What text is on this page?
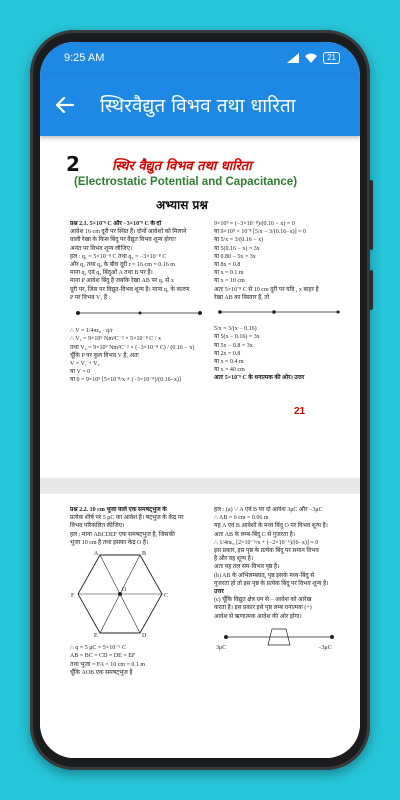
9:25 AM	21
स्थिरवैद्युत विभव तथा धारिता
2 स्थिर वैद्युत विभव तथा धारिता
(Electrostatic Potential and Capacitance)
अभ्यास प्रश्न
प्रश्न 2.1. 5×10⁻⁸ C और −3×10⁻⁸ C के दो
आवेश 16 cm दूरी पर स्थित हैं। दोनों आवेशों को मिलाने
वाली रेखा के किस बिंदु पर वैद्युत विभव शून्य होगा?
अनंत पर विभव शून्य लीजिए।
हल : q₁ = 5×10⁻⁸ C तथा q₂ = −3×10⁻⁸ C
और q₁ तथा q₂ के बीच दूरी r = 16 cm = 0.16 m
माना q₁ एवं q₂ बिंदुओं A तथा B पर हैं।
माना P आवेश बिंदु है जबकि रेखा AB पर q₁ से x
दूरी पर, जिस पर विद्युत-विभव शून्य है। माना q₁ के कारण
P पर विभव V₁ हैं :
∴ V = 1/4πε₀ · q/r
∴ V₁ = 9×10⁹ Nm²C⁻² × 5×10⁻⁸ C / x
तथा V₂ = 9×10⁹ Nm²C⁻² × (−3×10⁻⁸ C) / (0.16 − x)
चूँकि P पर कुल विभव V है, अतः
V = V₁ + V₂
या V = 0
या 0 = 9×10⁹ [5×10⁻⁸/x + (−3×10⁻⁸)/(0.16−x)]
9×10⁹ × (−3×10⁻⁸)/(0.16 − x) = 0
या 9×10⁹ × 10⁻⁸ [5/x − 3/(0.16−x)] = 0
या 5/x = 3/(0.16 − x)
या 5(0.16 − x) = 3x
या 0.80 − 5x = 3x
या 8x = 0.8
या x = 0.1 m
या x = 10 cm
अतः 5×10⁻⁸ C से 10 cm दूरी पर यदि , x बाहर है
रेखा AB का विस्तार है, तो
5/x = 3/(x − 0.16)
या 5(x − 0.16) = 3x
या 5x − 0.8 = 3x
या 2x = 0.8
या x = 0.4 m
या x = 40 cm
अतः 5×10⁻⁸ C के धनात्मक की ओर। उत्तर
21
प्रश्न 2.2. 10 cm भुजा वाले एक समषट्भुज के
प्रत्येक शीर्ष पर 5 μC का आवेश है। षट्भुज के केंद्र पर
विभव परिकलित कीजिए।
हल : माना ABCDEF एक समषट्भुज है, जिसकी
भुजा 10 cm है तथा इसका केंद्र O है।
A	B
C
D
E
F
O
∴ q = 5 μC = 5×10⁻⁶ C
AB = BC = CD = DE = EF
तथा भुजा = FA = 10 cm = 0.1 m
चूँकि AOB एक समषट्भुज है
हल : (a) ∵ A एवं B पर दो आवेश 3μC और −3μC
∴ AB = 6 cm = 0.06 m
यह A एवं B आवेशों के मध्य बिंदु O पर विभव शून्य है।
अतः AB के लम्ब-बिंदु C से गुजरता है।
∴ 1/4πε₀ [2×10⁻⁶/x + (−2×10⁻⁶)/(6−x)] = 0
इस प्रकार, इस पृष्ठ के प्रत्येक बिंदु पर समान विभव
है और वह शून्य है।
अतः यह तल सम-विभव पृष्ठ है।
(b) AB के अभिलम्बवत्, पृष्ठ इसके मध्य-बिंदु से
गुजरता हो तो इस पृष्ठ के प्रत्येक बिंदु पर विभव शून्य है।
उत्तर
(c) चूँकि विद्युत क्षेत्र धन से − आवेश को आरेख
करता है। इस प्रकार इसे पृष्ठ लम्ब धनात्मक (+)
आवेश से ऋणात्मक आवेश की ओर होगा।
3μC	−3μC
